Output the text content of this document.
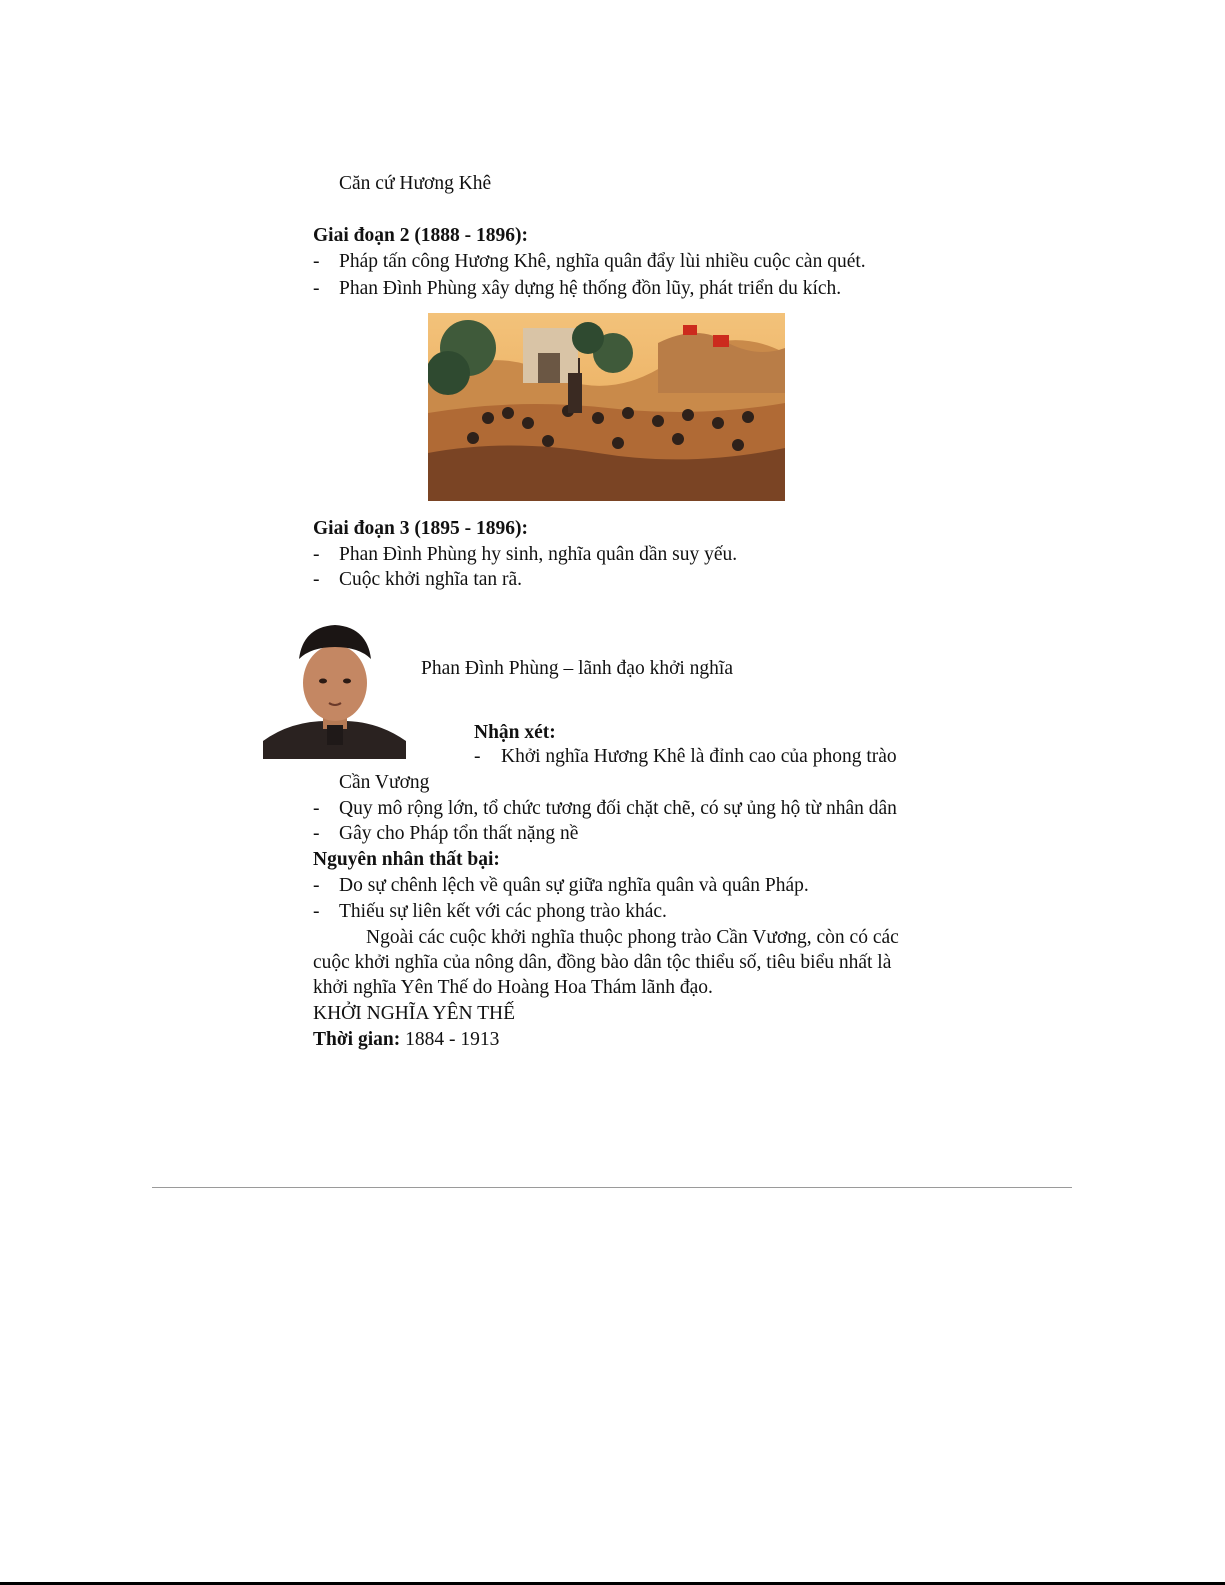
Căn cứ Hương Khê
Giai đoạn 2 (1888 - 1896):
- Pháp tấn công Hương Khê, nghĩa quân đẩy lùi nhiều cuộc càn quét.
- Phan Đình Phùng xây dựng hệ thống đồn lũy, phát triển du kích.
Giai đoạn 3 (1895 - 1896):
- Phan Đình Phùng hy sinh, nghĩa quân dần suy yếu.
- Cuộc khởi nghĩa tan rã.
Phan Đình Phùng – lãnh đạo khởi nghĩa
Nhận xét:
- Khởi nghĩa Hương Khê là đỉnh cao của phong trào
Cần Vương
- Quy mô rộng lớn, tổ chức tương đối chặt chẽ, có sự ủng hộ từ nhân dân
- Gây cho Pháp tổn thất nặng nề
Nguyên nhân thất bại:
- Do sự chênh lệch về quân sự giữa nghĩa quân và quân Pháp.
- Thiếu sự liên kết với các phong trào khác.
Ngoài các cuộc khởi nghĩa thuộc phong trào Cần Vương, còn có các
cuộc khởi nghĩa của nông dân, đồng bào dân tộc thiểu số, tiêu biểu nhất là
khởi nghĩa Yên Thế do Hoàng Hoa Thám lãnh đạo.
KHỞI NGHĨA YÊN THẾ
Thời gian: 1884 - 1913
